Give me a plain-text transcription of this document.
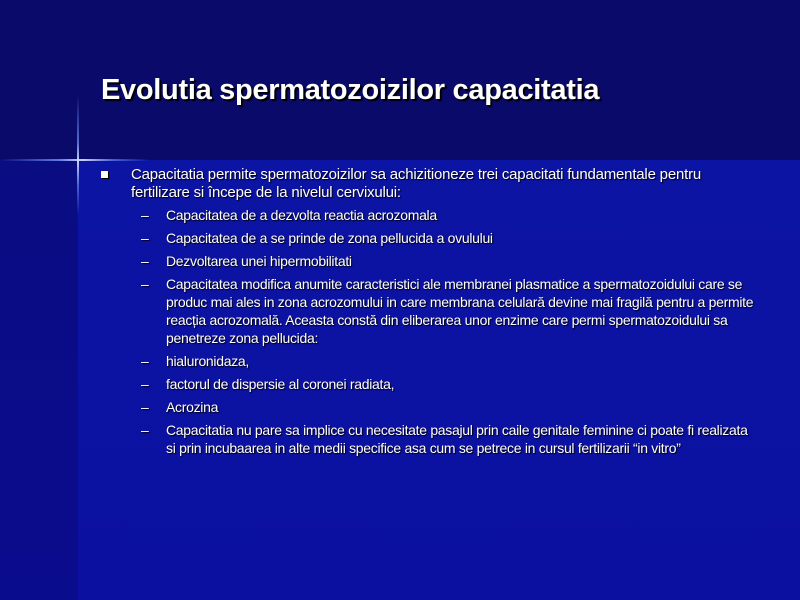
Evolutia spermatozoizilor capacitatia
Capacitatia permite spermatozoizilor sa achizitioneze trei capacitati fundamentale pentru fertilizare si începe de la nivelul cervixului:
– Capacitatea de a dezvolta reactia acrozomala
– Capacitatea de a se prinde de zona pellucida a ovulului
– Dezvoltarea unei hipermobilitati
– Capacitatea modifica anumite caracteristici ale membranei plasmatice a spermatozoidului care se produc mai ales in zona acrozomului in care membrana celulară devine mai fragilă pentru a permite reacția acrozomală. Aceasta constă din eliberarea unor enzime care permi spermatozoidului sa penetreze zona pellucida:
– hialuronidaza,
– factorul de dispersie al coronei radiata,
– Acrozina
– Capacitatia nu pare sa implice cu necesitate pasajul prin caile genitale feminine ci poate fi realizata si prin incubaarea in alte medii specifice asa cum se petrece in cursul fertilizarii “in vitro”
